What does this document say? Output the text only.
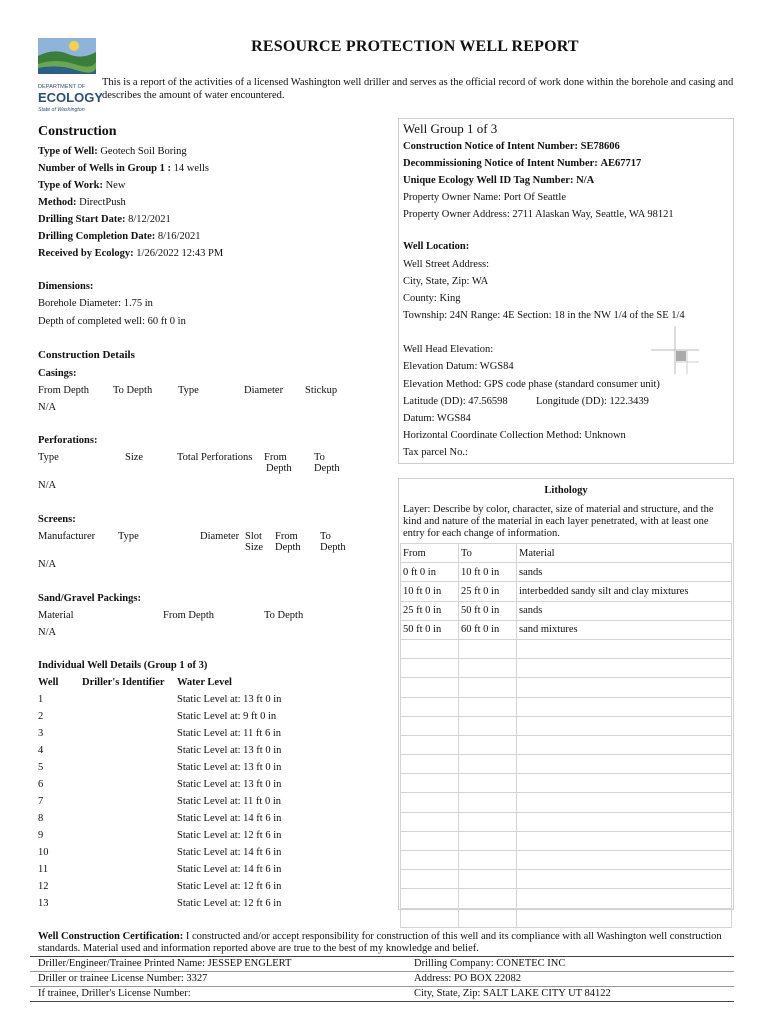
DEPARTMENT OF
ECOLOGY
State of Washington
RESOURCE PROTECTION WELL REPORT
This is a report of the activities of a licensed Washington well driller and serves as the official record of work done within the borehole and casing and describes the amount of water encountered.
Construction
Type of Well: Geotech Soil Boring
Number of Wells in Group 1 : 14 wells
Type of Work: New
Method: DirectPush
Drilling Start Date: 8/12/2021
Drilling Completion Date: 8/16/2021
Received by Ecology: 1/26/2022 12:43 PM
Dimensions:
Borehole Diameter: 1.75 in
Depth of completed well: 60 ft 0 in
Construction Details
Casings:
From Depth To Depth Type	Diameter Stickup
N/A
Perforations:
Type	Size	Total Perforations From
Depth
To
Depth
N/A
Screens:
Manufacturer Type	Diameter Slot
Size
From
Depth
To
Depth
N/A
Sand/Gravel Packings:
Material	From Depth	To Depth
N/A
Individual Well Details (Group 1 of 3)
Well Driller's Identifier Water Level
1	Static Level at: 13 ft 0 in
2	Static Level at: 9 ft 0 in
3	Static Level at: 11 ft 6 in
4	Static Level at: 13 ft 0 in
5	Static Level at: 13 ft 0 in
6	Static Level at: 13 ft 0 in
7	Static Level at: 11 ft 0 in
8	Static Level at: 14 ft 6 in
9	Static Level at: 12 ft 6 in
10	Static Level at: 14 ft 6 in
11	Static Level at: 14 ft 6 in
12	Static Level at: 12 ft 6 in
13	Static Level at: 12 ft 6 in
Well Group 1 of 3
Construction Notice of Intent Number: SE78606
Decommissioning Notice of Intent Number: AE67717
Unique Ecology Well ID Tag Number: N/A
Property Owner Name: Port Of Seattle
Property Owner Address: 2711 Alaskan Way, Seattle, WA 98121
Well Location:
Well Street Address:
City, State, Zip: WA
County: King
Township: 24N Range: 4E Section: 18 in the NW 1/4 of the SE 1/4
Well Head Elevation:
Elevation Datum: WGS84
Elevation Method: GPS code phase (standard consumer unit)
Latitude (DD): 47.56598	Longitude (DD): 122.3439
Datum: WGS84
Horizontal Coordinate Collection Method: Unknown
Tax parcel No.:
Lithology
Layer: Describe by color, character, size of material and structure, and the kind and nature of the material in each layer penetrated, with at least one entry for each change of information.
From	To	Material
0 ft 0 in	10 ft 0 in	sands
10 ft 0 in	25 ft 0 in	interbedded sandy silt and clay mixtures
25 ft 0 in	50 ft 0 in	sands
50 ft 0 in	60 ft 0 in	sand mixtures

Well Construction Certification: I constructed and/or accept responsibility for construction of this well and its compliance with all Washington well construction standards. Material used and information reported above are true to the best of my knowledge and belief.
Driller/Engineer/Trainee Printed Name: JESSEP ENGLERT	Drilling Company: CONETEC INC
Driller or trainee License Number: 3327	Address: PO BOX 22082
If trainee, Driller's License Number:	City, State, Zip: SALT LAKE CITY UT 84122
